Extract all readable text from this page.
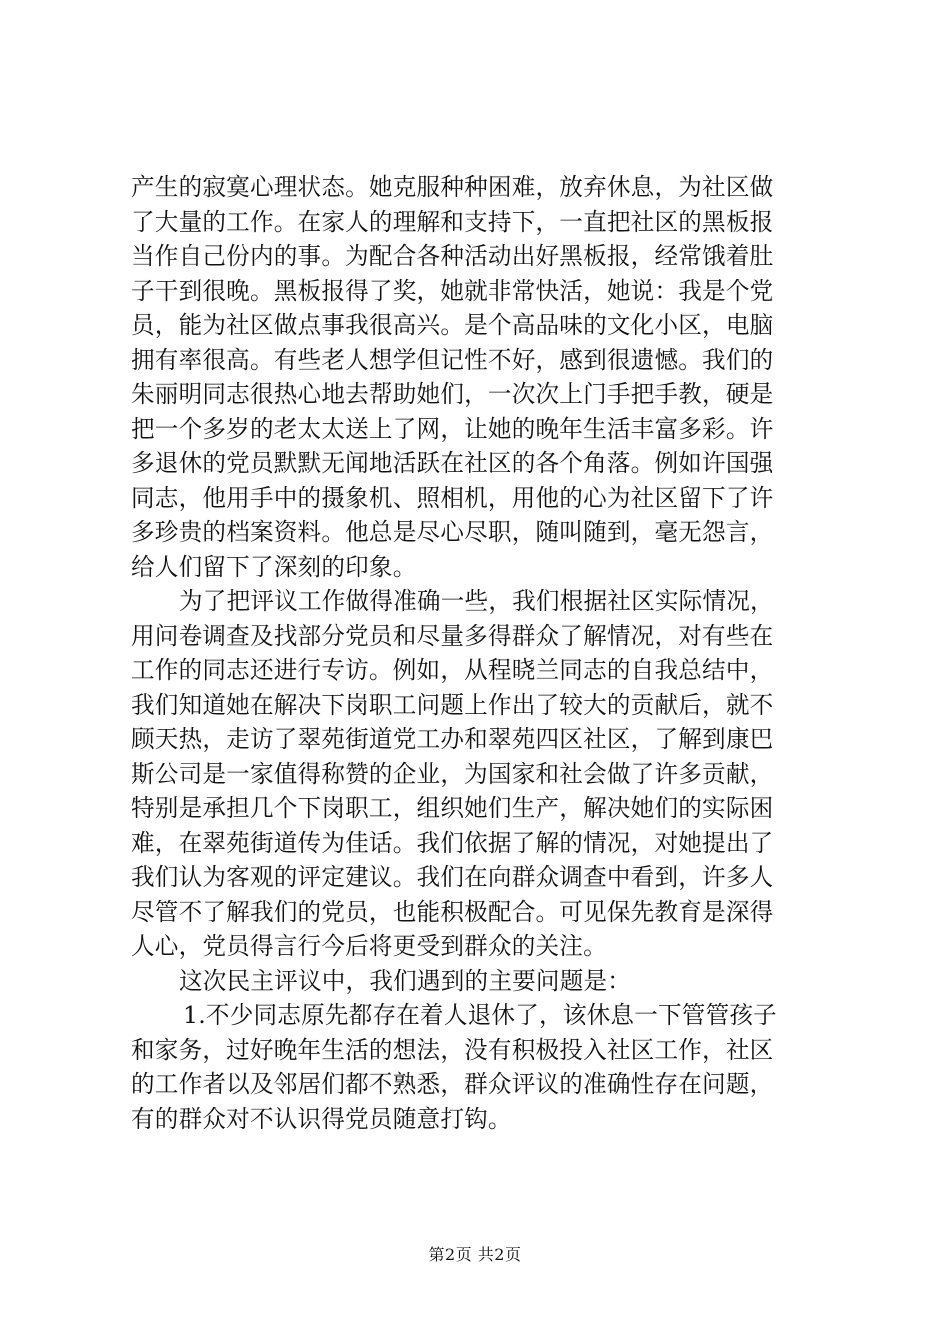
产生的寂寞心理状态。她克服种种困难，放弃休息，为社区做
了大量的工作。在家人的理解和支持下，一直把社区的黑板报
当作自己份内的事。为配合各种活动出好黑板报，经常饿着肚
子干到很晚。黑板报得了奖，她就非常快活，她说：我是个党
员，能为社区做点事我很高兴。是个高品味的文化小区，电脑
拥有率很高。有些老人想学但记性不好，感到很遗憾。我们的
朱丽明同志很热心地去帮助她们，一次次上门手把手教，硬是
把一个多岁的老太太送上了网，让她的晚年生活丰富多彩。许
多退休的党员默默无闻地活跃在社区的各个角落。例如许国强
同志，他用手中的摄象机、照相机，用他的心为社区留下了许
多珍贵的档案资料。他总是尽心尽职，随叫随到，毫无怨言，
给人们留下了深刻的印象。
为了把评议工作做得准确一些，我们根据社区实际情况，
用问卷调查及找部分党员和尽量多得群众了解情况，对有些在
工作的同志还进行专访。例如，从程晓兰同志的自我总结中，
我们知道她在解决下岗职工问题上作出了较大的贡献后，就不
顾天热，走访了翠苑街道党工办和翠苑四区社区，了解到康巴
斯公司是一家值得称赞的企业，为国家和社会做了许多贡献，
特别是承担几个下岗职工，组织她们生产，解决她们的实际困
难，在翠苑街道传为佳话。我们依据了解的情况，对她提出了
我们认为客观的评定建议。我们在向群众调查中看到，许多人
尽管不了解我们的党员，也能积极配合。可见保先教育是深得
人心，党员得言行今后将更受到群众的关注。
这次民主评议中，我们遇到的主要问题是：
1.不少同志原先都存在着人退休了，该休息一下管管孩子
和家务，过好晚年生活的想法，没有积极投入社区工作，社区
的工作者以及邻居们都不熟悉，群众评议的准确性存在问题，
有的群众对不认识得党员随意打钩。
第2页 共2页
